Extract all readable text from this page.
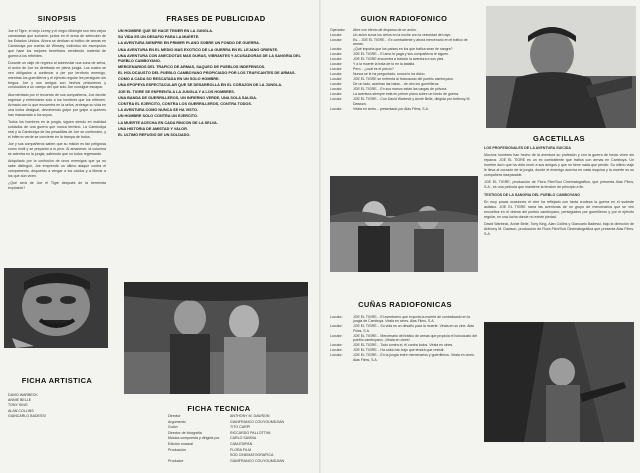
SINOPSIS

Joe el Tigre, el viejo Lenny y el negro Midnight son tres viejos camaradas que lucharon juntos en el arma de selección de los Estados Unidos. Ahora se dedican al tráfico de armas en Cambodya por cuenta de Winsley, individuo sin escrúpulos que hace los mejores beneficios vendiendo material de guerra a los rebeldes.

Durante un viaje de regreso al sobrevolar una zona de selva, el avión de Joe es derribado en plena jungla. Los cuatro se ven obligados a continuar a pie por territorio enemigo, mientras los guerrilleros y el ejército regular les persiguen sin tregua. Joe y sus amigos son hechos prisioneros y conducidos a un campo del que solo Joe consigue escapar.

Atormentado por el recuerdo de sus compañeros, Joe decide regresar y enfrentarse solo a los hombres que los retienen. Armado con lo que encuentra en la selva, arriesga su vida en una lucha desigual, devolviendo golpe por golpe a quienes han masacrado a los suyos.

Todos los hombres en la jungla, siguen siendo en realidad soldados de una guerra que nunca terminó. La Cambodya real y la Cambodya de las pesadillas de Joe se confunden, y el infierno verde se convierte en la trampa de todos.

Joe y sus compañeros saben que su misión es tan peligrosa como inútil y se preparan a lo peor. Al amanecer, la columna se adentra en la jungla, sabiendo que no todos regresarán.

Aniquilado por la confusión de unos enemigos que ya no sabe distinguir, Joe emprende un último ataque contra el campamento, dispuesto a vengar a los caídos y a liberar a los que aún viven.

¿Qué será de Joe el Tigre después de la tremenda explosión?

FICHA ARTISTICA
DAVID WARBECK
ANNIE BELLE
TONY KING
ALAN COLLINS
GIANCARLO BADESSI
FRASES DE PUBLICIDAD

UN HOMBRE QUE SE HACE TEMER EN LA JUNGLA.

SU VIDA ES UN DESAFIO PARA LA MUERTE.

LA AVENTURA SIEMPRE EN PRIMER PLANO SOBRE UN FONDO DE GUERRA.

UNA AVENTURA EN EL MEDIO MAS EXOTICO DE LA GUERRA EN EL LEJANO ORIENTE.

UNA AVENTURA CON ANECDOTAS MAS DURAS, VIBRANTES Y ACUSADORAS DE LA SANGRIA DEL PUEBLO CAMBOYANO.

MERCENARIOS DEL TRAFICO DE ARMAS, SAQUEO DE PUEBLOS INDEFENSOS.

EL HOLOCAUSTO DEL PUEBLO CAMBOYANO PROPICIADO POR LOS TRAFICANTES DE ARMAS.

COMO A CADA SO RESCATADA EN UN SOLO HOMBRE.

UNA EPOPEYA ESPECTACULAR QUE SE DESARROLLA EN EL CORAZON DE LA JUNGLA.

JOE EL TIGRE SE ENFRENTA A LA JUNGLA Y A LOS HOMBRES.

UNA BANDA DE GUERRILLEROS, UN INFIERNO VERDE, UNA SOLA SALIDA.

CONTRA EL EJERCITO, CONTRA LOS GUERRILLEROS, CONTRA TODOS.

LA AVENTURA COMO NUNCA SE HA VISTO.

UN HOMBRE SOLO CONTRA UN EJERCITO.

LA MUERTE ACECHA EN CADA RINCON DE LA SELVA.

UNA HISTORIA DE AMISTAD Y VALOR.

EL ULTIMO REFUGIO DE UN SOLDADO.

FICHA TECNICA
Director	ANTHONY M. DAWSON
Argumento	GIANFRANCO COUYOUMDJIAN
Guión	TITO CARPI
Director de fotografía	RICCARDO PALLOTTINI
Música compuesta y dirigida por	CARLO SAVINA
Edición musical	CAM-EDIPAN
Producción	FLORA FILM
SOD CINEMATOGRAFICA
Productor	GIANFRANCO COUYOUMDJIAN
GUION RADIOFONICO
Operador	Abre con efecto de disparos de un avión.
Locutor	Un avión surca los cielos en la noche con la velocidad del rayo.
Locutor	Es... JOE EL TIGRE... Ex combatiente y ahora mercenario en el tráfico de armas.
Locutor	¿Qué importa que los países en los que trafica sean de sangre?
Locutor	JOE EL TIGRE... El amo le paga y sus compañeros le siguen.
Locutor	JOE EL TIGRE encuentra a traición la aventura a sus pies.
Locutor	Y a la muerte la trata de tú en la batalla.
Locutor	Pero... ¿cuál es el precio?
Locutor	Nunca se le ha preguntado, nunca lo ha dicho.
Locutor	JOE EL TIGRE se enfrenta al holocausto del pueblo camboyano.
Locutor	De un lado, acechan las balas... de otro los guerrilleros.
Locutor	JOE EL TIGRE... En sus manos están las cargas de pólvora.
Locutor	La aventura siempre está en primer plano sobre un fondo de guerra.
Locutor	JOE EL TIGRE... Con David Warbeck y Annie Belle, dirigida por Anthony M. Dawson.
Locutor	Véala en cines... presentado por Alas Films, S.A.
GACETILLAS

LOS PROFESIONALES DE LA AVENTURA SUICIDA

Muchos hombres han hecho de la aventura su profesión y con la guerra de fondo viven sin reparos. JOE EL TIGRE es un ex combatiente que trafica con armas en Camboya. Un hombre duro que ha visto morir a sus amigos y que no tiene nada que perder. Su último viaje le lleva al corazón de la jungla, donde el enemigo acecha en cada esquina y la muerte es su compañera inseparable.

JOE EL TIGRE, producción de Flora Film/Sod Cinematográfica, que presenta Alas Films, S.A., es una película que mantiene la tensión de principio a fin.

TESTIGOS DE LA SANGRIA DEL PUEBLO CAMBOYANO

En muy pocas ocasiones el cine ha reflejado con tanta crudeza la guerra en el sudeste asiático. JOE EL TIGRE narra las aventuras de un grupo de mercenarios que se ven envueltos en el drama del pueblo camboyano, perseguidos por guerrilleros y por el ejército regular, en una lucha donde no existe piedad.

David Warbeck, Annie Belle, Tony King, Alan Collins y Giancarlo Badessi, bajo la dirección de Anthony M. Dawson, producción de Flora Film/Sod Cinematográfica que presenta Alas Films, S.A.

CUÑAS RADIOFONICAS
Locutor:	JOE EL TIGRE... El aventurero que exporta la muerte de contrabando en la jungla de Camboya. Véala en cines. Alas Films, S.A.
Locutor:	JOE EL TIGRE... Su vida es un desafío para la muerte. Véala en su cine. Alas Films, S.A.
Locutor:	JOE EL TIGRE... Mercenario del tráfico de armas que propicia el holocausto del pueblo camboyano. ¡Véala en cines!
Locutor:	JOE EL TIGRE... Todo contra el, él contra todos. Véala en cines.
Locutor:	JOE EL TIGRE... Ha caído tan bajo que tendrá que resistir.
Locutor:	JOE EL TIGRE... En la jungla entre mercenarios y guerrilleros. Véala en cines. Alas Films, S.A.
